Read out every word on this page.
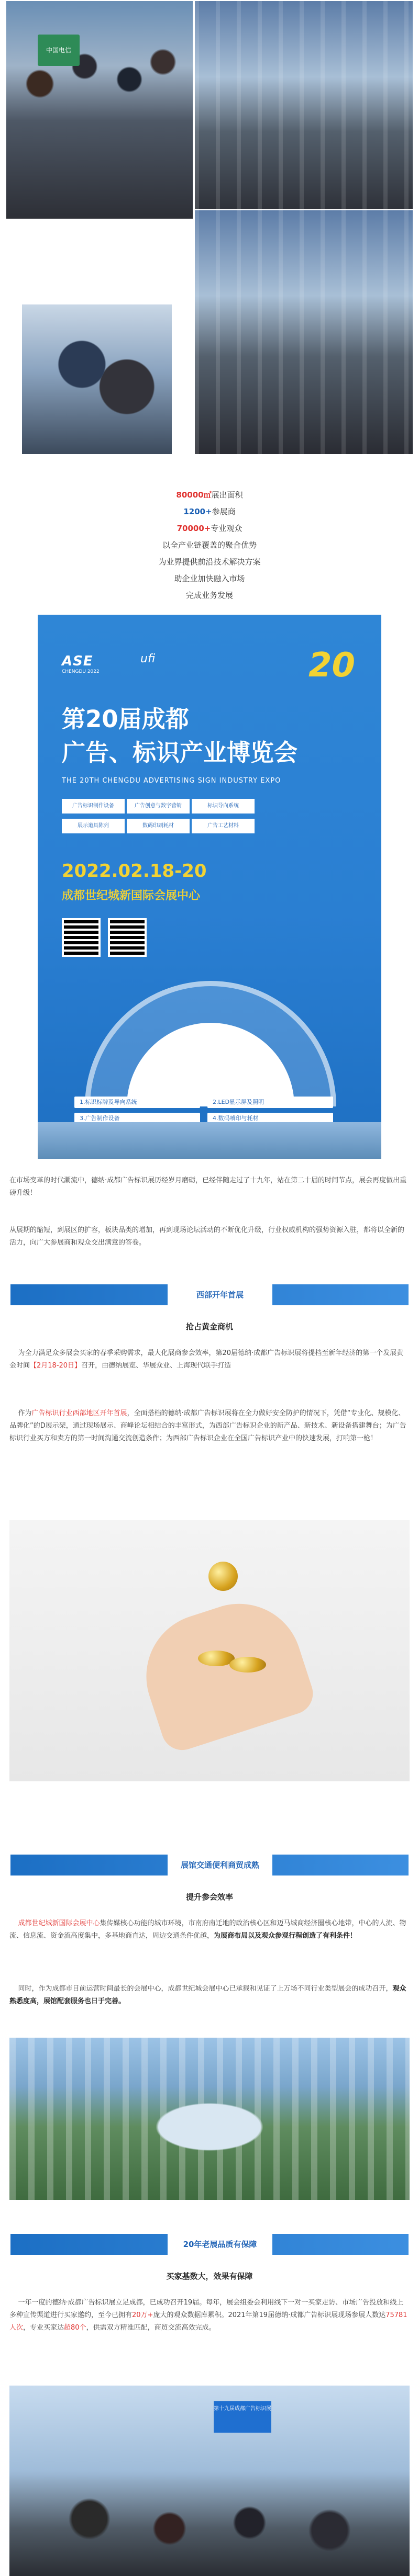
中国电信
80000㎡展出面积
1200+参展商
70000+专业观众
以全产业链覆盖的聚合优势
为业界提供前沿技术解决方案
助企业加快融入市场
完成业务发展
ASE
CHENGDU 2022
ufi	20
第20届成都
广告、标识产业博览会
THE 20TH CHENGDU ADVERTISING SIGN INDUSTRY EXPO
广告标识制作设备	广告创意与数字营销	标识导向系统 展示道具陈列	数码印刷耗材	广告工艺材料
2022.02.18-20
成都世纪城新国际会展中心
1.标识标牌及导向系统	2.LED显示屏及照明 3.广告制作设备	4.数码喷印与耗材
在市场变革的时代潮流中，德纳·成都广告标识展历经岁月磨砺，已经伴随走过了十九年，站在第二十届的时间节点，展会再度做出重磅升级！
从展期的缩短，到展区的扩容，板块品类的增加，再到现场论坛活动的不断优化升级，行业权威机构的强势资源入驻，都将以全新的活力，向广大参展商和观众交出满意的答卷。
西部开年首展
抢占黄金商机
为全力满足众多展会买家的春季采购需求，最大化展商参会效率，第20届德纳·成都广告标识展将提档至新年经济的第一个发展黄金时间【2月18-20日】召开，由德纳展览、华展众业、上海现代联手打造
作为广告标识行业西部地区开年首展，全面搭档的德纳·成都广告标识展将在全力做好安全防护的情况下，凭借“专业化、规模化、品牌化”的D展示架，通过现场展示、商峰论坛相结合的丰富形式，为西部广告标识企业的新产品、新技术、新设备搭建舞台；为广告标识行业买方和卖方的第一时间沟通交流创造条件；为西部广告标识企业在全国广告标识产业中的快速发展，打响第一枪！
展馆交通便利商贸成熟
提升参会效率
成都世纪城新国际会展中心集传媒核心功能的城市环境，市南府南迁地的政治核心区和迈马城商经济圈核心地带，中心的人流、物流、信息流、资金流高度集中，多基地商直达，周边交通条件优越，为展商布局以及观众参观行程创造了有利条件！
同时，作为成都市目前运营时间最长的会展中心，成都世纪城会展中心已承载和见证了上万场不同行业类型展会的成功召开，观众熟悉度高，展馆配套服务也日于完善。
20年老展品质有保障
买家基数大，效果有保障
一年一度的德纳·成都广告标识展立足成都，已成功召开19届。每年，展会组委会利用线下一对一买家走访、市场广告投放和线上多种宣传渠道进行买家邀约，至今已拥有20万+庞大的观众数据库累积。2021年第19届德纳·成都广告标识展现场参展人数达75781人次，专业买家达超80个，供需双方精准匹配，商贸交流高效完成。
第十九届成都广告标识展
